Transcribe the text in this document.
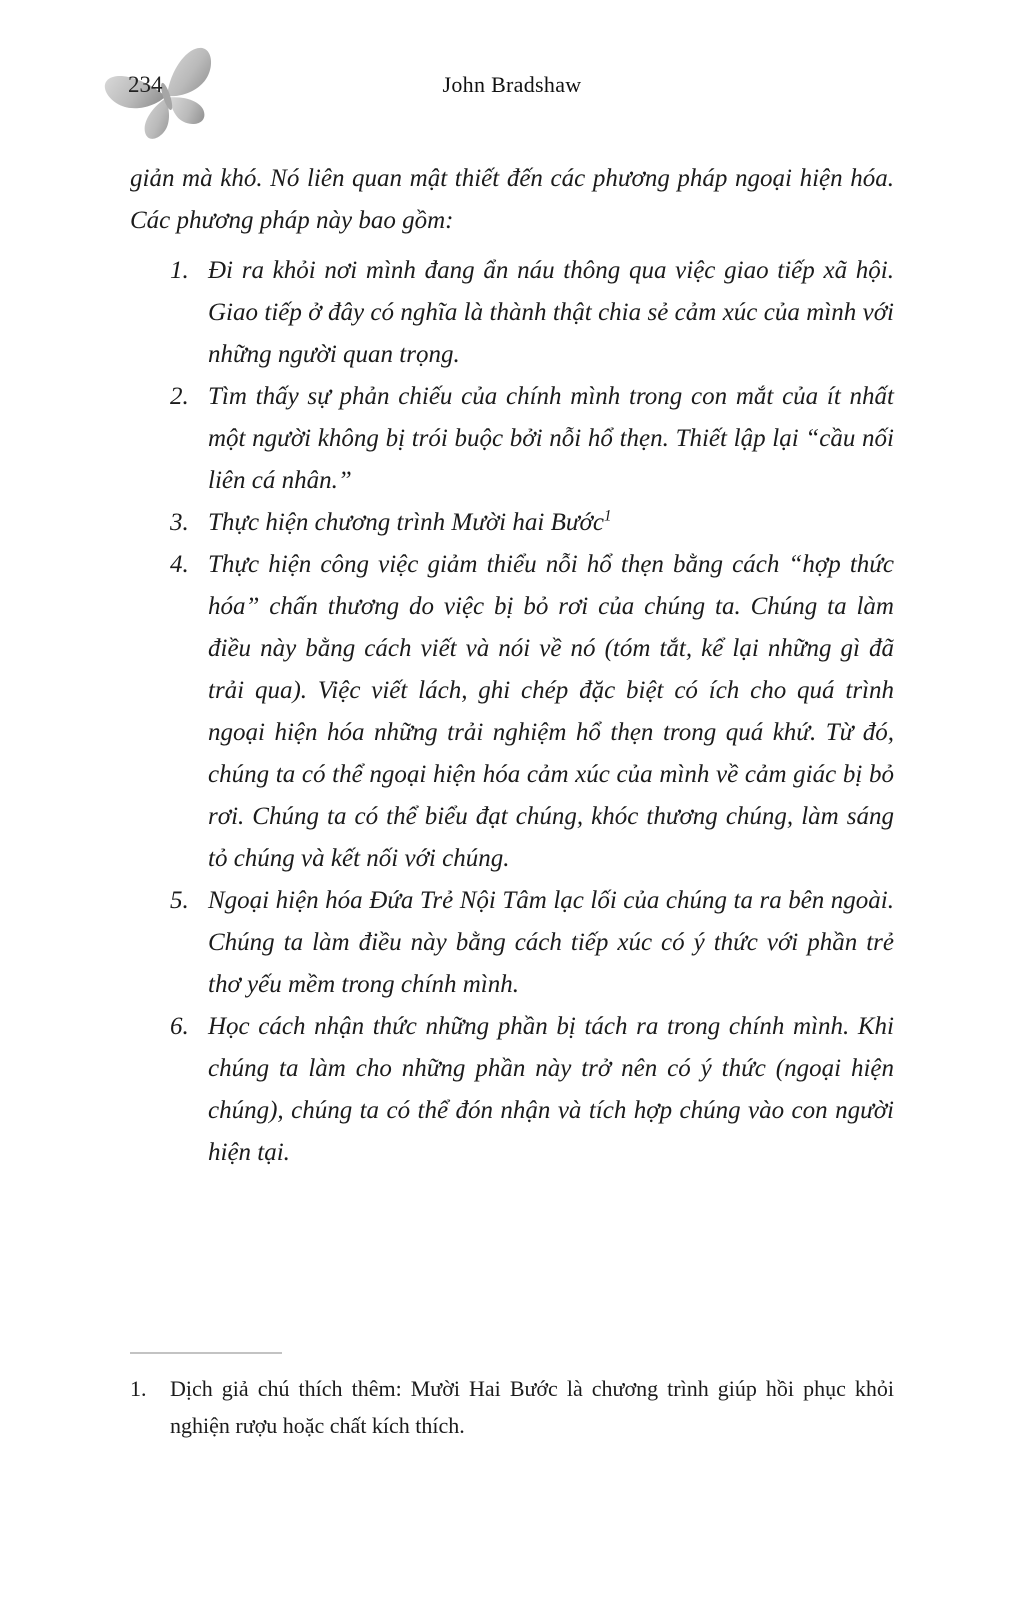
234	John Bradshaw

giản mà khó. Nó liên quan mật thiết đến các phương pháp ngoại hiện hóa. Các phương pháp này bao gồm:

1. Đi ra khỏi nơi mình đang ẩn náu thông qua việc giao tiếp xã hội. Giao tiếp ở đây có nghĩa là thành thật chia sẻ cảm xúc của mình với những người quan trọng.
2. Tìm thấy sự phản chiếu của chính mình trong con mắt của ít nhất một người không bị trói buộc bởi nỗi hổ thẹn. Thiết lập lại “cầu nối liên cá nhân.”
3. Thực hiện chương trình Mười hai Bước$^1$
4. Thực hiện công việc giảm thiểu nỗi hổ thẹn bằng cách “hợp thức hóa” chấn thương do việc bị bỏ rơi của chúng ta. Chúng ta làm điều này bằng cách viết và nói về nó (tóm tắt, kể lại những gì đã trải qua). Việc viết lách, ghi chép đặc biệt có ích cho quá trình ngoại hiện hóa những trải nghiệm hổ thẹn trong quá khứ. Từ đó, chúng ta có thể ngoại hiện hóa cảm xúc của mình về cảm giác bị bỏ rơi. Chúng ta có thể biểu đạt chúng, khóc thương chúng, làm sáng tỏ chúng và kết nối với chúng.
5. Ngoại hiện hóa Đứa Trẻ Nội Tâm lạc lối của chúng ta ra bên ngoài. Chúng ta làm điều này bằng cách tiếp xúc có ý thức với phần trẻ thơ yếu mềm trong chính mình.
6. Học cách nhận thức những phần bị tách ra trong chính mình. Khi chúng ta làm cho những phần này trở nên có ý thức (ngoại hiện chúng), chúng ta có thể đón nhận và tích hợp chúng vào con người hiện tại.
1. Dịch giả chú thích thêm: Mười Hai Bước là chương trình giúp hồi phục khỏi nghiện rượu hoặc chất kích thích.
